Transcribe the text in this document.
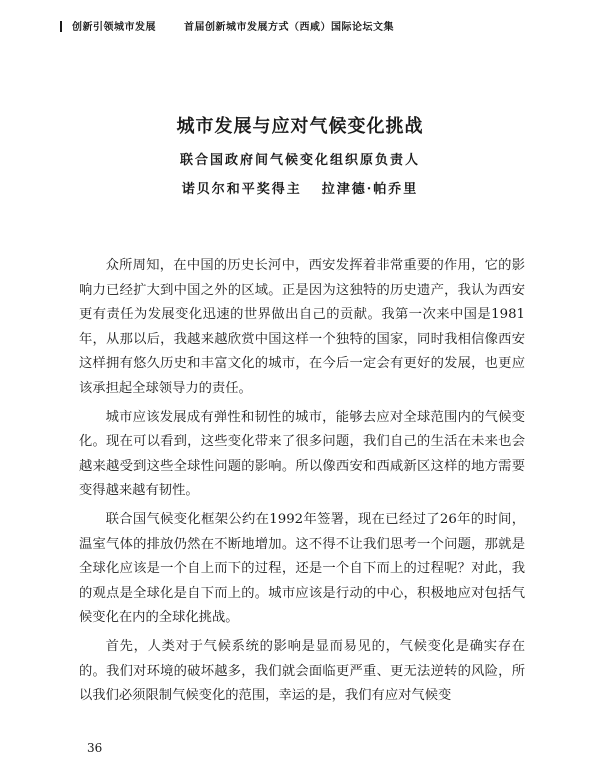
创新引领城市发展	首届创新城市发展方式（西咸）国际论坛文集
城市发展与应对气候变化挑战
联合国政府间气候变化组织原负责人
诺贝尔和平奖得主 拉津德·帕乔里

众所周知，在中国的历史长河中，西安发挥着非常重要的作用，它的影响力已经扩大到中国之外的区域。正是因为这独特的历史遗产，我认为西安更有责任为发展变化迅速的世界做出自己的贡献。我第一次来中国是1981年，从那以后，我越来越欣赏中国这样一个独特的国家，同时我相信像西安这样拥有悠久历史和丰富文化的城市，在今后一定会有更好的发展，也更应该承担起全球领导力的责任。

城市应该发展成有弹性和韧性的城市，能够去应对全球范围内的气候变化。现在可以看到，这些变化带来了很多问题，我们自己的生活在未来也会越来越受到这些全球性问题的影响。所以像西安和西咸新区这样的地方需要变得越来越有韧性。

联合国气候变化框架公约在1992年签署，现在已经过了26年的时间，温室气体的排放仍然在不断地增加。这不得不让我们思考一个问题，那就是全球化应该是一个自上而下的过程，还是一个自下而上的过程呢？对此，我的观点是全球化是自下而上的。城市应该是行动的中心，积极地应对包括气候变化在内的全球化挑战。

首先，人类对于气候系统的影响是显而易见的，气候变化是确实存在的。我们对环境的破坏越多，我们就会面临更严重、更无法逆转的风险，所以我们必须限制气候变化的范围，幸运的是，我们有应对气候变

36
